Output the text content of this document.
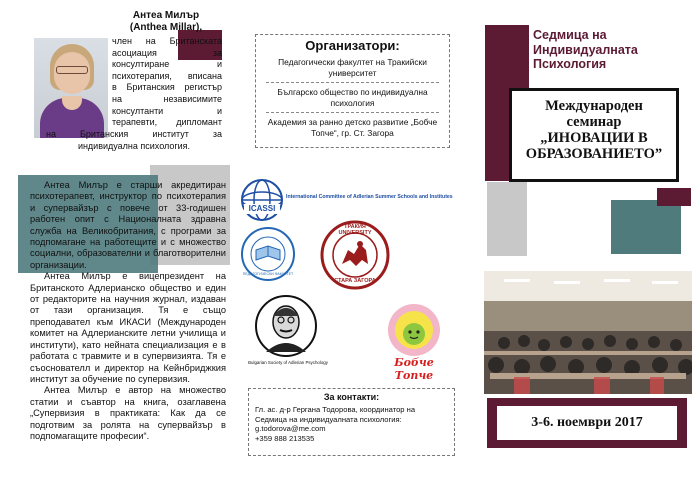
Антеа Милър
(Anthea Millar),
член на Британската
асоциация за
консултиране и
психотерапия, вписана
в Британския регистър
на независимите
консултанти и
терапевти, дипломант
на Британския институт за
индивидуална психология.

Антеа Милър е старши акредитиран психотерапевт, инструктор по психотерапия и супервайзър с повече от 33-годишен работен опит с Националната здравна служба на Великобритания, с програми за подпомагане на работещите и с множество социални, образователни и благотворителни организации.

Антеа Милър е вицепрезидент на Британското Адлерианско общество и един от редакторите на научния журнал, издаван от тази организация. Тя е също преподавател към ИКАСИ (Международен комитет на Адлерианските летни училища и институти), като нейната специализация е в работата с травмите и в супервизията. Тя е съоснователл и директор на Кейнбриджкия институт за обучение по супервизия.

Антеа Милър е автор на множество статии и съавтор на книга, озаглавена „Супервизия в практиката: Как да се подготвим за ролята на супервайзър в подпомагащите професии“.

Организатори:
Педагогически факултет на Тракийски университет
Българско общество по индивидуална психология
Академия за ранно детско развитие „Бобче Топче“, гр. Ст. Загора
ICASSI
International Committee of Adlerian Summer Schools and Institutes
ПЕДАГОГИЧЕСКИ ФАКУЛТЕТ
ТРАКИЯ UNIVERSITY
СТАРА ЗАГОРА
Bulgarian Society of Adlerian Psychology	Бобче Топче
За контакти:
Гл. ас. д-р Гергана Тодорова, координатор на Седмица на индивидуалната психология:
g.todorova@me.com
+359 888 213535
Седмица на Индивидуалната Психология
Международен семинар „ИНОВАЦИИ В ОБРАЗОВАНИЕТО”
3-6. ноември 2017
